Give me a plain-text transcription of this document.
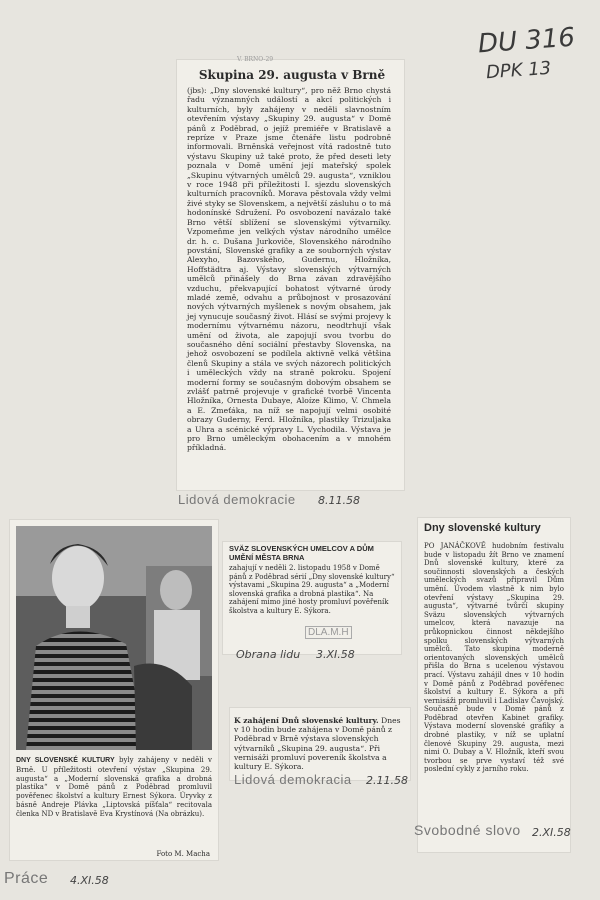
DU 316
DPK 13
V. BRNO-29
Skupina 29. augusta v Brně
(jbs): „Dny slovenské kultury“, pro něž Brno chystá řadu významných událostí a akcí politických i kulturních, byly zahájeny v neděli slavnostním otevřením výstavy „Skupiny 29. augusta“ v Domě pánů z Poděbrad, o jejíž premiéře v Bratislavě a repríze v Praze jsme čtenáře listu podrobně informovali. Brněnská veřejnost vítá radostně tuto výstavu Skupiny už také proto, že před deseti lety poznala v Domě umění její mateřský spolek „Skupinu výtvarných umělců 29. augusta“, vzniklou v roce 1948 při příležitosti I. sjezdu slovenských kulturních pracovníků. Morava pěstovala vždy velmi živé styky se Slovenskem, a největší zásluhu o to má hodonínské Sdružení. Po osvobození navázalo také Brno větší sblížení se slovenskými výtvarníky. Vzpomeňme jen velkých výstav národního umělce dr. h. c. Dušana Jurkoviče, Slovenského národního povstání, Slovenské grafiky a ze souborných výstav Alexyho, Bazovského, Gudernu, Hložníka, Hoffstädtra aj. Výstavy slovenských výtvarných umělců přinášely do Brna závan zdravějšího vzduchu, překvapující bohatost výtvarné úrody mladé země, odvahu a průbojnost v prosazování nových výtvarných myšlenek s novým obsahem, jak jej vynucuje současný život. Hlásí se svými projevy k modernímu výtvarnému názoru, neodtrhují však umění od života, ale zapojují svou tvorbu do současného dění sociální přestavby Slovenska, na jehož osvobození se podílela aktivně velká většina členů Skupiny a stála ve svých názorech politických i uměleckých vždy na straně pokroku. Spojení moderní formy se současným dobovým obsahem se zvlášť patrně projevuje v grafické tvorbě Vincenta Hložníka, Ornesta Dubaye, Aloíze Klimo, V. Chmela a E. Zmeťáka, na níž se napojují velmi osobité obrazy Guderny, Ferd. Hložníka, plastiky Trizuljaka a Uhra a scénické výpravy L. Vychodila. Výstava je pro Brno uměleckým obohacením a v mnohém příkladná.
Lidová demokracie 8.11.58
DNY SLOVENSKÉ KULTURY byly zahájeny v neděli v Brně. U příležitosti otevření výstav „Skupina 29. augusta“ a „Moderní slovenská grafika a drobná plastika“ v Domě pánů z Poděbrad promluvil pověřenec školství a kultury Ernest Sýkora. Úryvky z básně Andreje Plávka „Liptovská píšťala“ recitovala členka ND v Bratislavě Eva Krystínová (Na obrázku).
Foto M. Macha
Práce 4.XI.58
SVÄZ SLOVENSKÝCH UMELCOV A DŮM UMĚNÍ MĚSTA BRNA
zahajují v neděli 2. listopadu 1958 v Domě pánů z Poděbrad sérií „Dny slovenské kultury“ výstavami „Skupina 29. augusta“ a „Moderní slovenská grafika a drobná plastika“. Na zahájení mimo jiné hosty promluví pověřeník školstva a kultury E. Sýkora.
DLA.M.H
Obrana lidu 3.XI.58
K zahájení Dnů slovenské kultury. Dnes v 10 hodin bude zahájena v Domě pánů z Poděbrad v Brně výstava slovenských výtvarníků „Skupina 29. augusta“. Při vernisáži promluví povereník školstva a kultury E. Sýkora.
Lidová demokracia 2.11.58
Dny slovenské kultury
PO JANÁČKOVĚ hudobním festivalu bude v listopadu žít Brno ve znamení Dnů slovenské kultury, které za součinnosti slovenských a českých uměleckých svazů připravil Dům umění. Úvodem vlastně k nim bylo otevření výstavy „Skupina 29. augusta“, výtvarné tvůrčí skupiny Sväzu slovenských výtvarných umelcov, která navazuje na průkopnickou činnost někdejšího spolku slovenských výtvarných umělců. Tato skupina moderně orientovaných slovenských umělců přišla do Brna s ucelenou výstavou prací. Výstavu zahájil dnes v 10 hodin v Domě pánů z Poděbrad pověřenec školství a kultury E. Sýkora a při vernisáži promluvil i Ladislav Čavojský. Současně bude v Domě pánů z Poděbrad otevřen Kabinet grafiky. Výstava moderní slovenské grafiky a drobné plastiky, v níž se uplatní členové Skupiny 29. augusta, mezi nimi O. Dubay a V. Hložník, kteří svou tvorbou se prve vystaví též své poslední cykly z jarního roku.
Svobodné slovo 2.XI.58
